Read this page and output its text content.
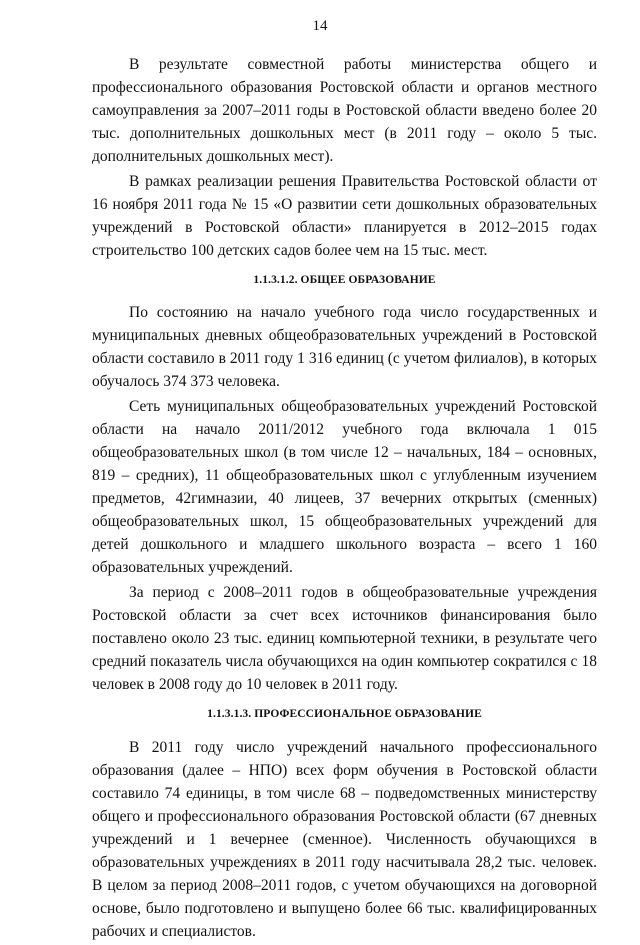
14

В результате совместной работы министерства общего и профессионального образования Ростовской области и органов местного самоуправления за 2007–2011 годы в Ростовской области введено более 20 тыс. дополнительных дошкольных мест (в 2011 году – около 5 тыс. дополнительных дошкольных мест).

В рамках реализации решения Правительства Ростовской области от 16 ноября 2011 года № 15 «О развитии сети дошкольных образовательных учреждений в Ростовской области» планируется в 2012–2015 годах строительство 100 детских садов более чем на 15 тыс. мест.

1.1.3.1.2. ОБЩЕЕ ОБРАЗОВАНИЕ

По состоянию на начало учебного года число государственных и муниципальных дневных общеобразовательных учреждений в Ростовской области составило в 2011 году 1 316 единиц (с учетом филиалов), в которых обучалось 374 373 человека.

Сеть муниципальных общеобразовательных учреждений Ростовской области на начало 2011/2012 учебного года включала 1 015 общеобразовательных школ (в том числе 12 – начальных, 184 – основных, 819 – средних), 11 общеобразовательных школ с углубленным изучением предметов, 42гимназии, 40 лицеев, 37 вечерних открытых (сменных) общеобразовательных школ, 15 общеобразовательных учреждений для детей дошкольного и младшего школьного возраста – всего 1 160 образовательных учреждений.

За период с 2008–2011 годов в общеобразовательные учреждения Ростовской области за счет всех источников финансирования было поставлено около 23 тыс. единиц компьютерной техники, в результате чего средний показатель числа обучающихся на один компьютер сократился с 18 человек в 2008 году до 10 человек в 2011 году.

1.1.3.1.3. ПРОФЕССИОНАЛЬНОЕ ОБРАЗОВАНИЕ

В 2011 году число учреждений начального профессионального образования (далее – НПО) всех форм обучения в Ростовской области составило 74 единицы, в том числе 68 – подведомственных министерству общего и профессионального образования Ростовской области (67 дневных учреждений и 1 вечернее (сменное). Численность обучающихся в образовательных учреждениях в 2011 году насчитывала 28,2 тыс. человек. В целом за период 2008–2011 годов, с учетом обучающихся на договорной основе, было подготовлено и выпущено более 66 тыс. квалифицированных рабочих и специалистов.
